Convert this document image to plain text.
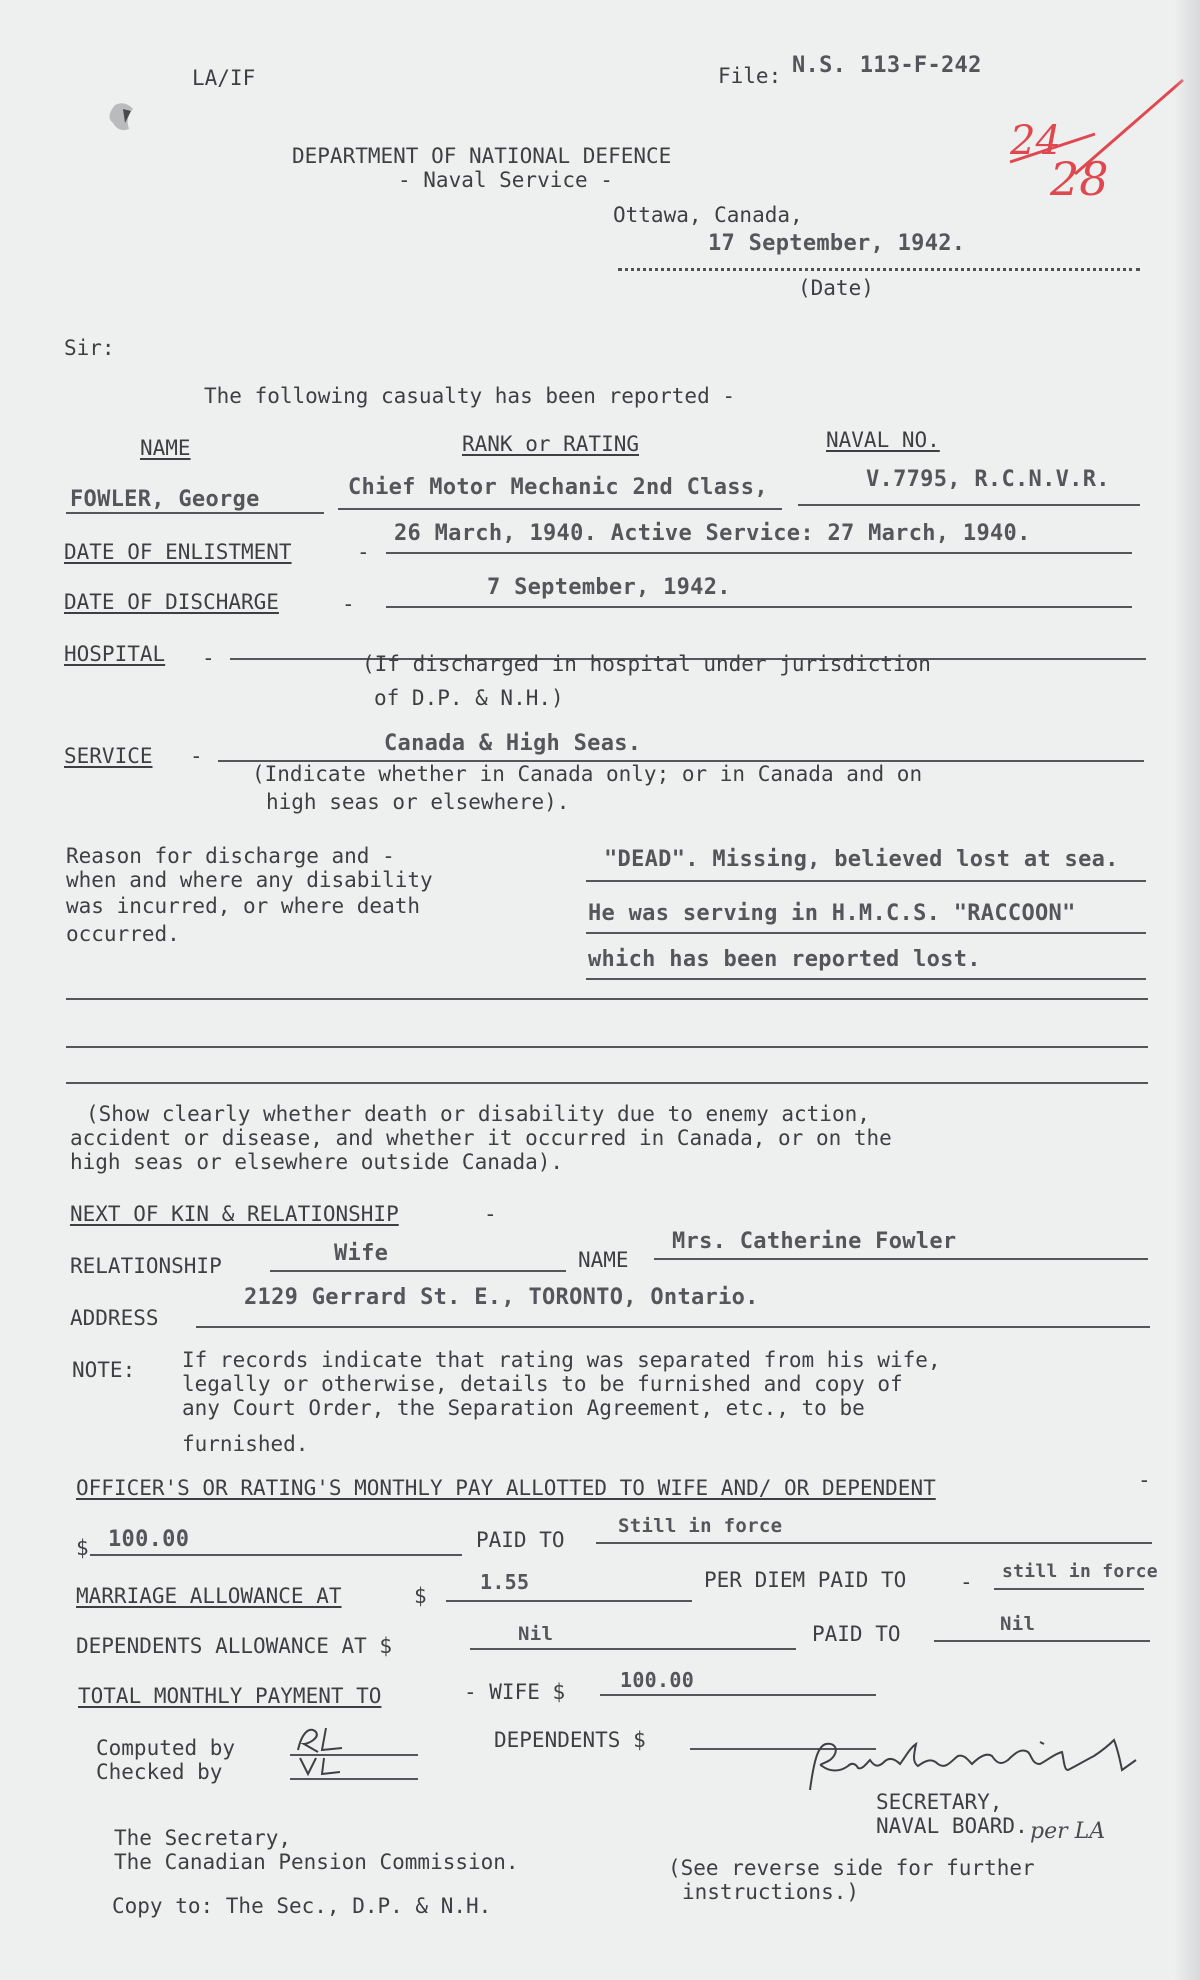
LA/IF	File: N.S. 113-F-242
DEPARTMENT OF NATIONAL DEFENCE
- Naval Service -
Ottawa, Canada,
17 September, 1942.
(Date)
24
28
Sir:
The following casualty has been reported -
NAME	RANK or RATING	NAVAL NO.
FOWLER, George	Chief Motor Mechanic 2nd Class,	V.7795, R.C.N.V.R.
DATE OF ENLISTMENT	-
26 March, 1940. Active Service: 27 March, 1940.
DATE OF DISCHARGE	-
7 September, 1942.
HOSPITAL -	(If discharged in hospital under jurisdiction
of D.P. & N.H.)
SERVICE -	Canada & High Seas.
(Indicate whether in Canada only; or in Canada and on
high seas or elsewhere).
Reason for discharge and -
when and where any disability
was incurred, or where death
occurred.
"DEAD". Missing, believed lost at sea.
He was serving in H.M.C.S. "RACCOON"
which has been reported lost.
(Show clearly whether death or disability due to enemy action,
accident or disease, and whether it occurred in Canada, or on the
high seas or elsewhere outside Canada).
NEXT OF KIN & RELATIONSHIP	-
RELATIONSHIP	Wife	NAME
Mrs. Catherine Fowler
ADDRESS
2129 Gerrard St. E., TORONTO, Ontario.
NOTE: If records indicate that rating was separated from his wife,
legally or otherwise, details to be furnished and copy of
any Court Order, the Separation Agreement, etc., to be
furnished.
OFFICER'S OR RATING'S MONTHLY PAY ALLOTTED TO WIFE AND/ OR DEPENDENT	-
$ 100.00	PAID TO
Still in force
MARRIAGE ALLOWANCE AT	$
1.55	PER DIEM PAID TO	- still in force
DEPENDENTS ALLOWANCE AT $	Nil	PAID TO	Nil
TOTAL MONTHLY PAYMENT TO	- WIFE $	100.00
DEPENDENTS $
Computed by
Checked by
SECRETARY,
NAVAL BOARD. per LA
The Secretary,
The Canadian Pension Commission.
Copy to: The Sec., D.P. & N.H.
(See reverse side for further
instructions.)
